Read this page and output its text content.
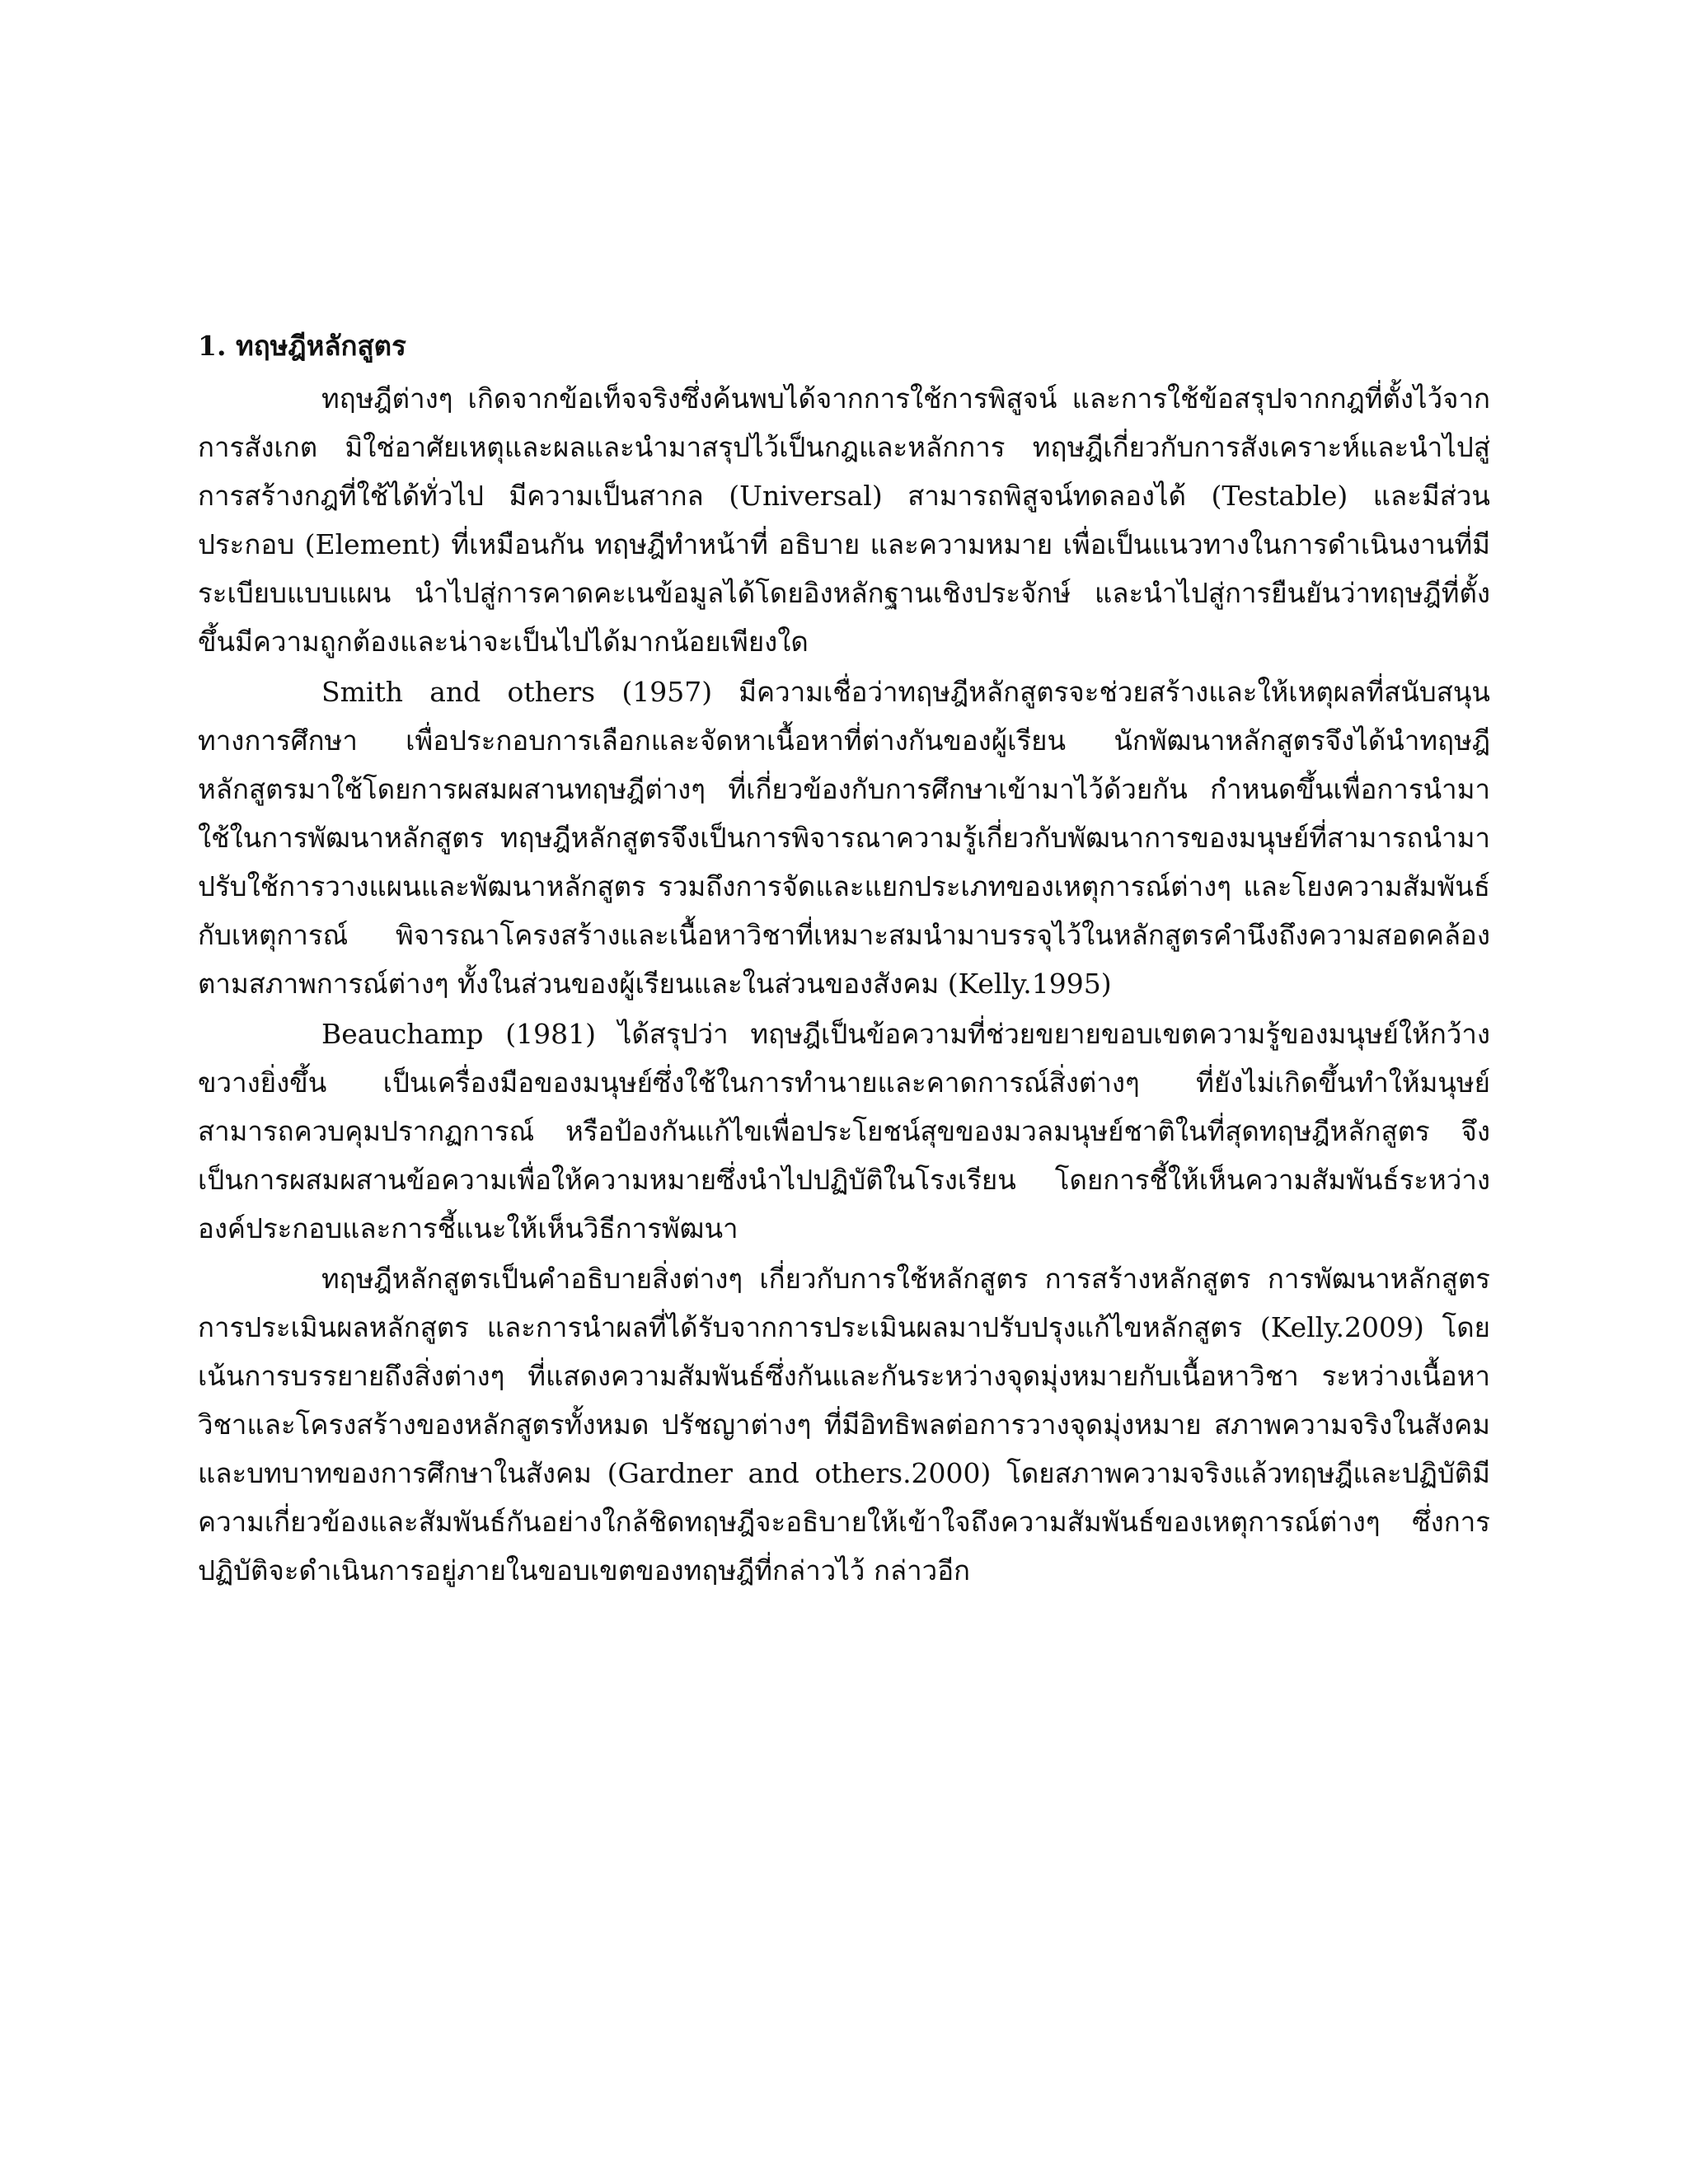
1. ทฤษฎีหลักสูตร

ทฤษฎีต่างๆ เกิดจากข้อเท็จจริงซึ่งค้นพบได้จากการใช้การพิสูจน์ และการใช้ข้อสรุปจากกฎที่ตั้งไว้จากการสังเกต มิใช่อาศัยเหตุและผลและนำมาสรุปไว้เป็นกฎและหลักการ ทฤษฎีเกี่ยวกับการสังเคราะห์และนำไปสู่การสร้างกฎที่ใช้ได้ทั่วไป มีความเป็นสากล (Universal) สามารถพิสูจน์ทดลองได้ (Testable) และมีส่วนประกอบ (Element) ที่เหมือนกัน ทฤษฎีทำหน้าที่ อธิบาย และความหมาย เพื่อเป็นแนวทางในการดำเนินงานที่มีระเบียบแบบแผน นำไปสู่การคาดคะเนข้อมูลได้โดยอิงหลักฐานเชิงประจักษ์ และนำไปสู่การยืนยันว่าทฤษฎีที่ตั้งขึ้นมีความถูกต้องและน่าจะเป็นไปได้มากน้อยเพียงใด

Smith and others (1957) มีความเชื่อว่าทฤษฎีหลักสูตรจะช่วยสร้างและให้เหตุผลที่สนับสนุนทางการศึกษา เพื่อประกอบการเลือกและจัดหาเนื้อหาที่ต่างกันของผู้เรียน นักพัฒนาหลักสูตรจึงได้นำทฤษฎีหลักสูตรมาใช้โดยการผสมผสานทฤษฎีต่างๆ ที่เกี่ยวข้องกับการศึกษาเข้ามาไว้ด้วยกัน กำหนดขึ้นเพื่อการนำมาใช้ในการพัฒนาหลักสูตร ทฤษฎีหลักสูตรจึงเป็นการพิจารณาความรู้เกี่ยวกับพัฒนาการของมนุษย์ที่สามารถนำมาปรับใช้การวางแผนและพัฒนาหลักสูตร รวมถึงการจัดและแยกประเภทของเหตุการณ์ต่างๆ และโยงความสัมพันธ์กับเหตุการณ์ พิจารณาโครงสร้างและเนื้อหาวิชาที่เหมาะสมนำมาบรรจุไว้ในหลักสูตรคำนึงถึงความสอดคล้องตามสภาพการณ์ต่างๆ ทั้งในส่วนของผู้เรียนและในส่วนของสังคม (Kelly.1995)

Beauchamp (1981) ได้สรุปว่า ทฤษฎีเป็นข้อความที่ช่วยขยายขอบเขตความรู้ของมนุษย์ให้กว้างขวางยิ่งขึ้น เป็นเครื่องมือของมนุษย์ซึ่งใช้ในการทำนายและคาดการณ์สิ่งต่างๆ ที่ยังไม่เกิดขึ้นทำให้มนุษย์สามารถควบคุมปรากฏการณ์ หรือป้องกันแก้ไขเพื่อประโยชน์สุขของมวลมนุษย์ชาติในที่สุดทฤษฎีหลักสูตร จึงเป็นการผสมผสานข้อความเพื่อให้ความหมายซึ่งนำไปปฏิบัติในโรงเรียน โดยการชี้ให้เห็นความสัมพันธ์ระหว่างองค์ประกอบและการชี้แนะให้เห็นวิธีการพัฒนา

ทฤษฎีหลักสูตรเป็นคำอธิบายสิ่งต่างๆ เกี่ยวกับการใช้หลักสูตร การสร้างหลักสูตร การพัฒนาหลักสูตร การประเมินผลหลักสูตร และการนำผลที่ได้รับจากการประเมินผลมาปรับปรุงแก้ไขหลักสูตร (Kelly.2009) โดยเน้นการบรรยายถึงสิ่งต่างๆ ที่แสดงความสัมพันธ์ซึ่งกันและกันระหว่างจุดมุ่งหมายกับเนื้อหาวิชา ระหว่างเนื้อหาวิชาและโครงสร้างของหลักสูตรทั้งหมด ปรัชญาต่างๆ ที่มีอิทธิพลต่อการวางจุดมุ่งหมาย สภาพความจริงในสังคม และบทบาทของการศึกษาในสังคม (Gardner and others.2000) โดยสภาพความจริงแล้วทฤษฎีและปฏิบัติมีความเกี่ยวข้องและสัมพันธ์กันอย่างใกล้ชิดทฤษฎีจะอธิบายให้เข้าใจถึงความสัมพันธ์ของเหตุการณ์ต่างๆ ซึ่งการปฏิบัติจะดำเนินการอยู่ภายในขอบเขตของทฤษฎีที่กล่าวไว้ กล่าวอีก
